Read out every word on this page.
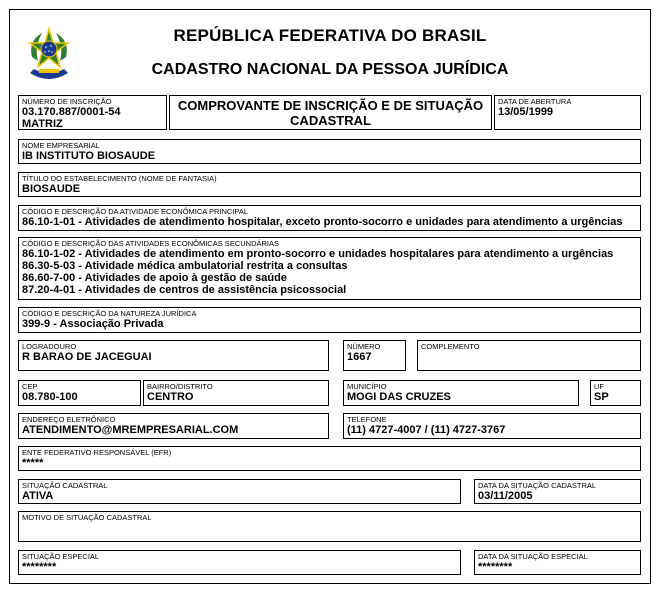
REPÚBLICA FEDERATIVA DO BRASIL
CADASTRO NACIONAL DA PESSOA JURÍDICA
NÚMERO DE INSCRIÇÃO
03.170.887/0001-54
MATRIZ
COMPROVANTE DE INSCRIÇÃO E DE SITUAÇÃO
CADASTRAL
DATA DE ABERTURA
13/05/1999
NOME EMPRESARIAL
IB INSTITUTO BIOSAUDE
TÍTULO DO ESTABELECIMENTO (NOME DE FANTASIA)
BIOSAUDE
CÓDIGO E DESCRIÇÃO DA ATIVIDADE ECONÔMICA PRINCIPAL
86.10-1-01 - Atividades de atendimento hospitalar, exceto pronto-socorro e unidades para atendimento a urgências
CÓDIGO E DESCRIÇÃO DAS ATIVIDADES ECONÔMICAS SECUNDÁRIAS
86.10-1-02 - Atividades de atendimento em pronto-socorro e unidades hospitalares para atendimento a urgências
86.30-5-03 - Atividade médica ambulatorial restrita a consultas
86.60-7-00 - Atividades de apoio à gestão de saúde
87.20-4-01 - Atividades de centros de assistência psicossocial
CÓDIGO E DESCRIÇÃO DA NATUREZA JURÍDICA
399-9 - Associação Privada
LOGRADOURO
R BARAO DE JACEGUAI
NÚMERO
1667
COMPLEMENTO
CEP
08.780-100
BAIRRO/DISTRITO
CENTRO
MUNICÍPIO
MOGI DAS CRUZES
UF
SP
ENDEREÇO ELETRÔNICO
ATENDIMENTO@MREMPRESARIAL.COM
TELEFONE
(11) 4727-4007 / (11) 4727-3767
ENTE FEDERATIVO RESPONSÁVEL (EFR)
*****
SITUAÇÃO CADASTRAL
ATIVA
DATA DA SITUAÇÃO CADASTRAL
03/11/2005
MOTIVO DE SITUAÇÃO CADASTRAL
SITUAÇÃO ESPECIAL
********
DATA DA SITUAÇÃO ESPECIAL
********
